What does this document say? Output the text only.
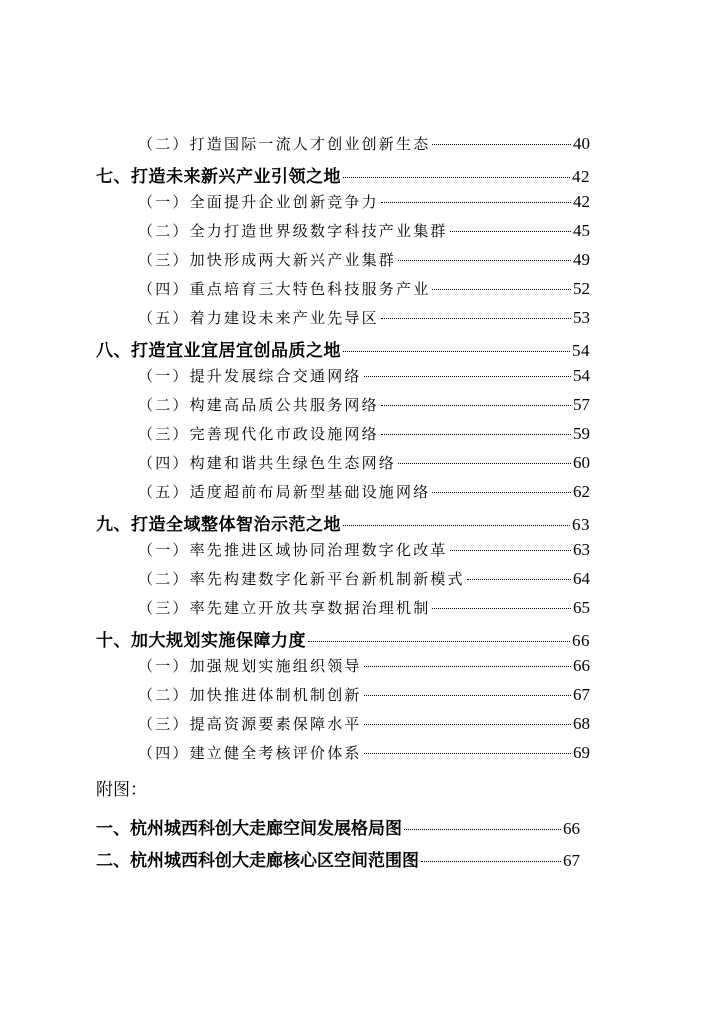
（二）打造国际一流人才创业创新生态	40
七、打造未来新兴产业引领之地	42
（一）全面提升企业创新竞争力	42
（二）全力打造世界级数字科技产业集群	45
（三）加快形成两大新兴产业集群	49
（四）重点培育三大特色科技服务产业	52
（五）着力建设未来产业先导区	53
八、打造宜业宜居宜创品质之地	54
（一）提升发展综合交通网络	54
（二）构建高品质公共服务网络	57
（三）完善现代化市政设施网络	59
（四）构建和谐共生绿色生态网络	60
（五）适度超前布局新型基础设施网络	62
九、打造全域整体智治示范之地	63
（一）率先推进区域协同治理数字化改革	63
（二）率先构建数字化新平台新机制新模式	64
（三）率先建立开放共享数据治理机制	65
十、加大规划实施保障力度	66
（一）加强规划实施组织领导	66
（二）加快推进体制机制创新	67
（三）提高资源要素保障水平	68
（四）建立健全考核评价体系	69
附图：
一、杭州城西科创大走廊空间发展格局图	66
二、杭州城西科创大走廊核心区空间范围图	67
